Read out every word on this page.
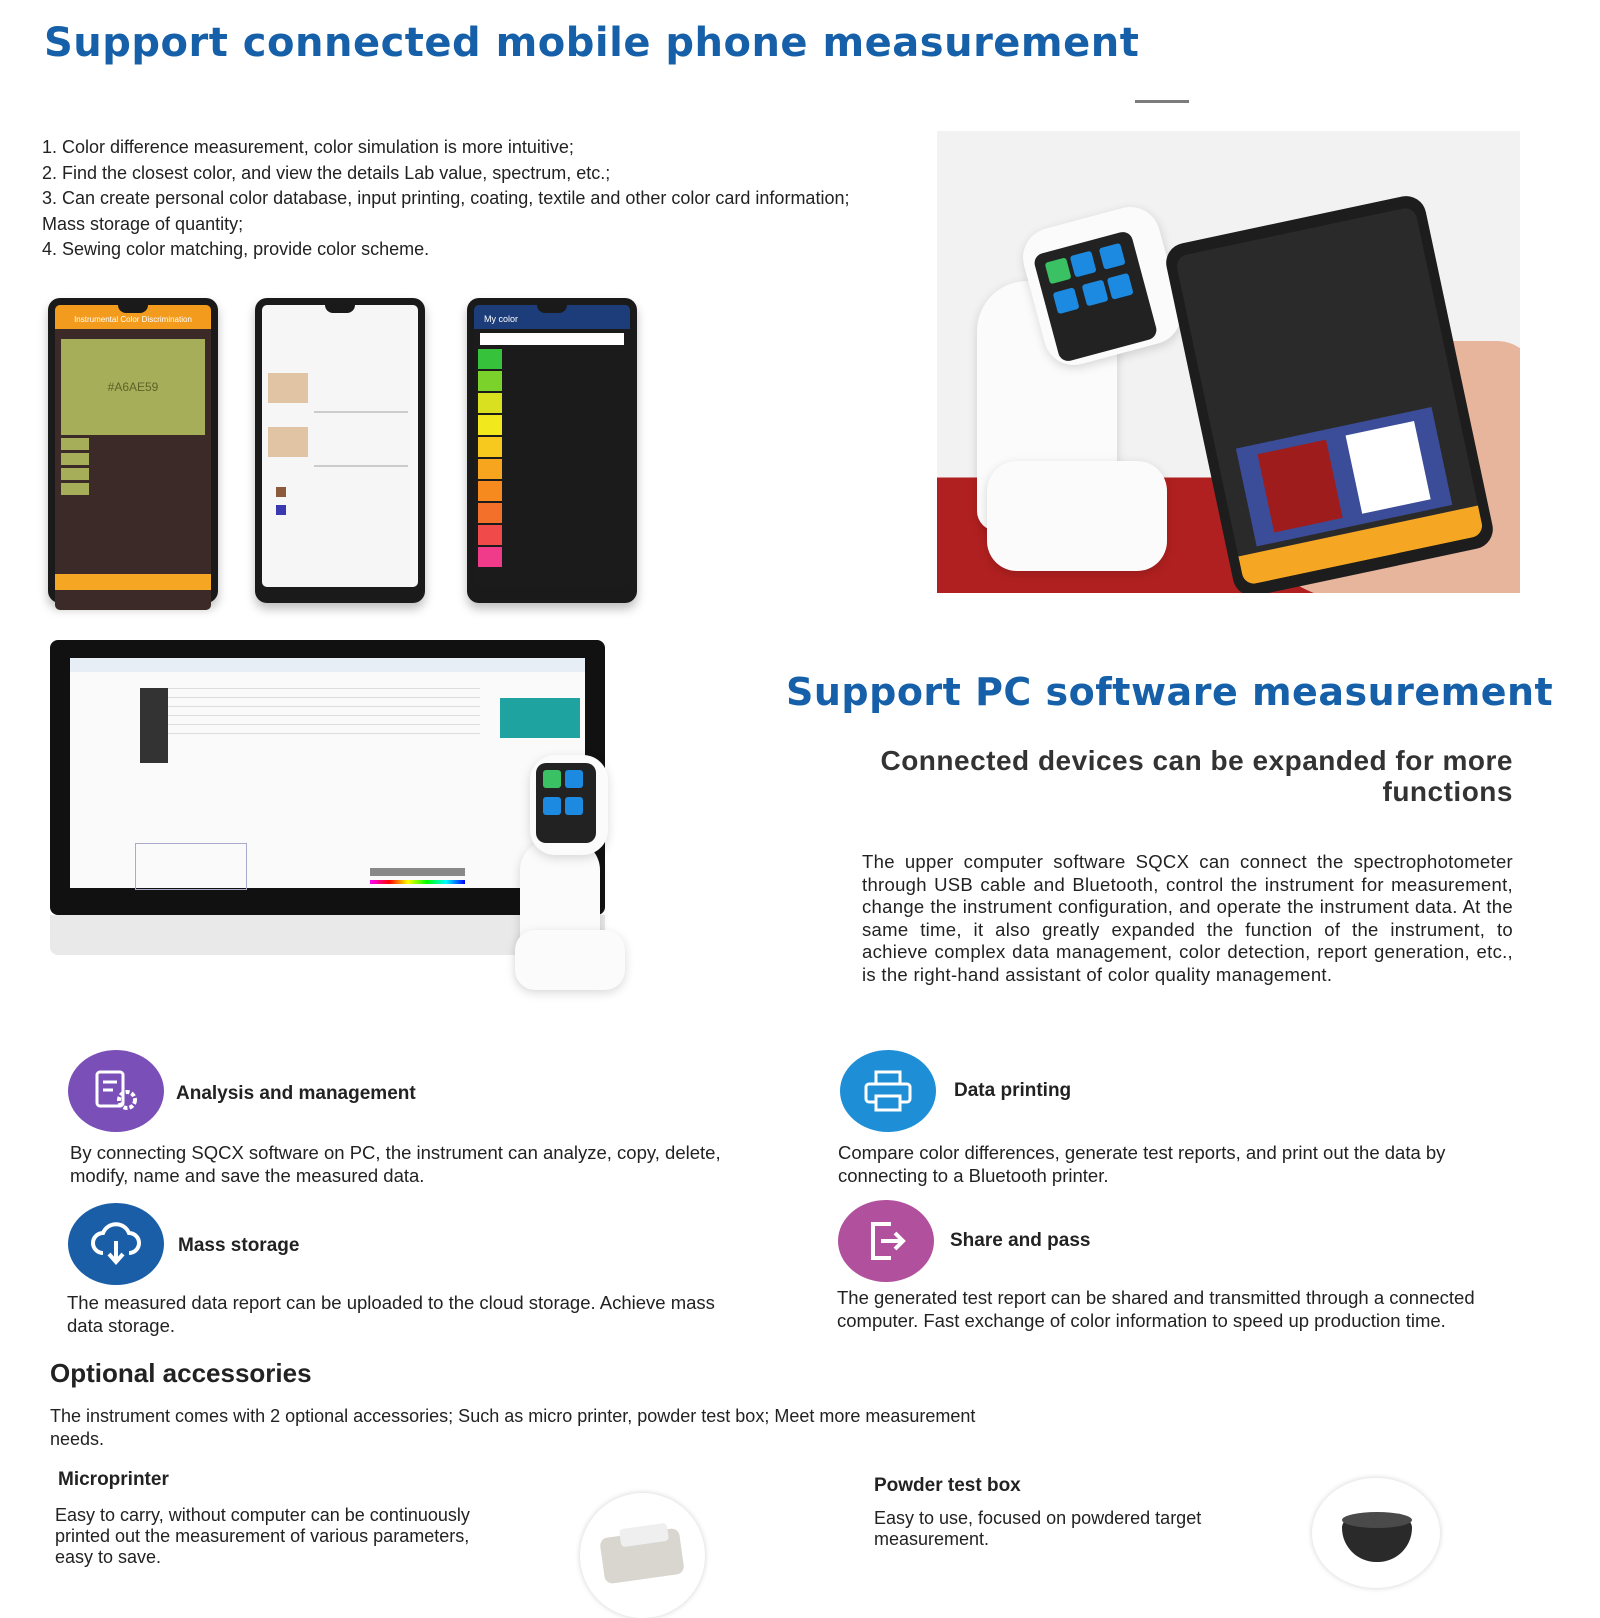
Support connected mobile phone measurement
1. Color difference measurement, color simulation is more intuitive;
2. Find the closest color, and view the details Lab value, spectrum, etc.;
3. Can create personal color database, input printing, coating, textile and other color card information; Mass storage of quantity;
4. Sewing color matching, provide color scheme.
Instrumental Color Discrimination
#A6AE59
My color

Support PC software measurement
Connected devices can be expanded for more functions
The upper computer software SQCX can connect the spectrophotometer through USB cable and Bluetooth, control the instrument for measurement, change the instrument configuration, and operate the instrument data. At the same time, it also greatly expanded the function of the instrument, to achieve complex data management, color detection, report generation, etc., is the right-hand assistant of color quality management.
Analysis and management
By connecting SQCX software on PC, the instrument can analyze, copy, delete, modify, name and save the measured data.
Data printing
Compare color differences, generate test reports, and print out the data by connecting to a Bluetooth printer.
Mass storage
The measured data report can be uploaded to the cloud storage. Achieve mass data storage.
Share and pass
The generated test report can be shared and transmitted through a connected computer. Fast exchange of color information to speed up production time.
Optional accessories
The instrument comes with 2 optional accessories; Such as micro printer, powder test box; Meet more measurement needs.
Microprinter
Easy to carry, without computer can be continuously printed out the measurement of various parameters, easy to save.
Powder test box
Easy to use, focused on powdered target measurement.
